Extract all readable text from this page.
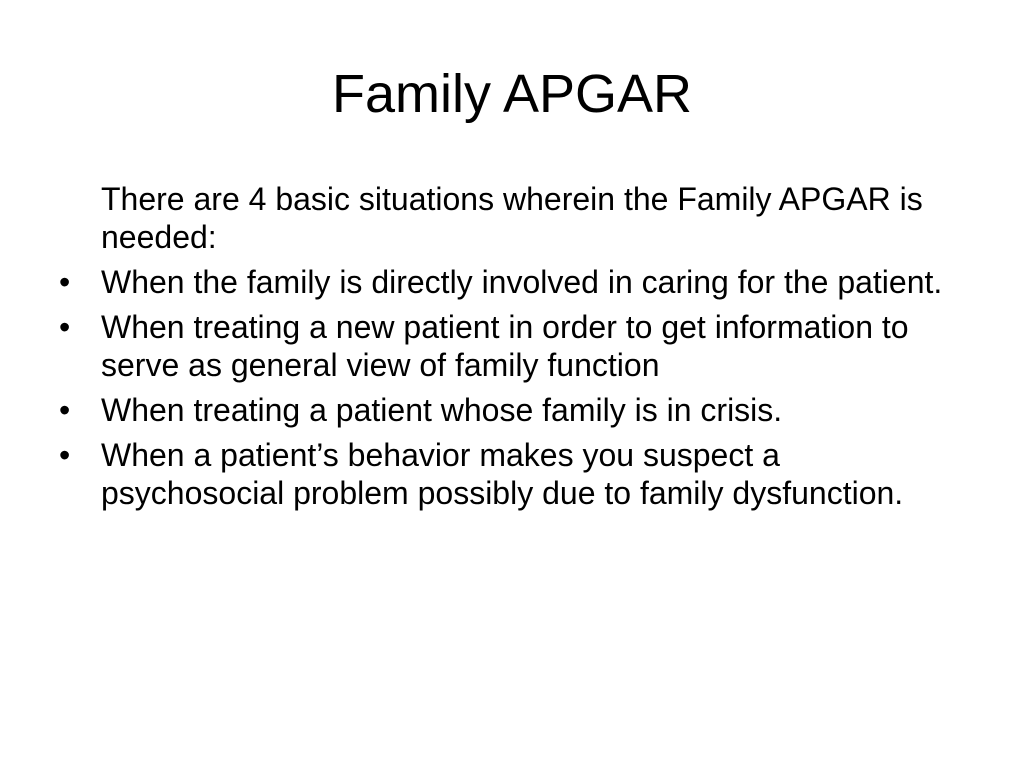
Family APGAR

There are 4 basic situations wherein the Family APGAR is needed:

• When the family is directly involved in caring for the patient.
• When treating a new patient in order to get information to serve as general view of family function
• When treating a patient whose family is in crisis.
• When a patient’s behavior makes you suspect a psychosocial problem possibly due to family dysfunction.
